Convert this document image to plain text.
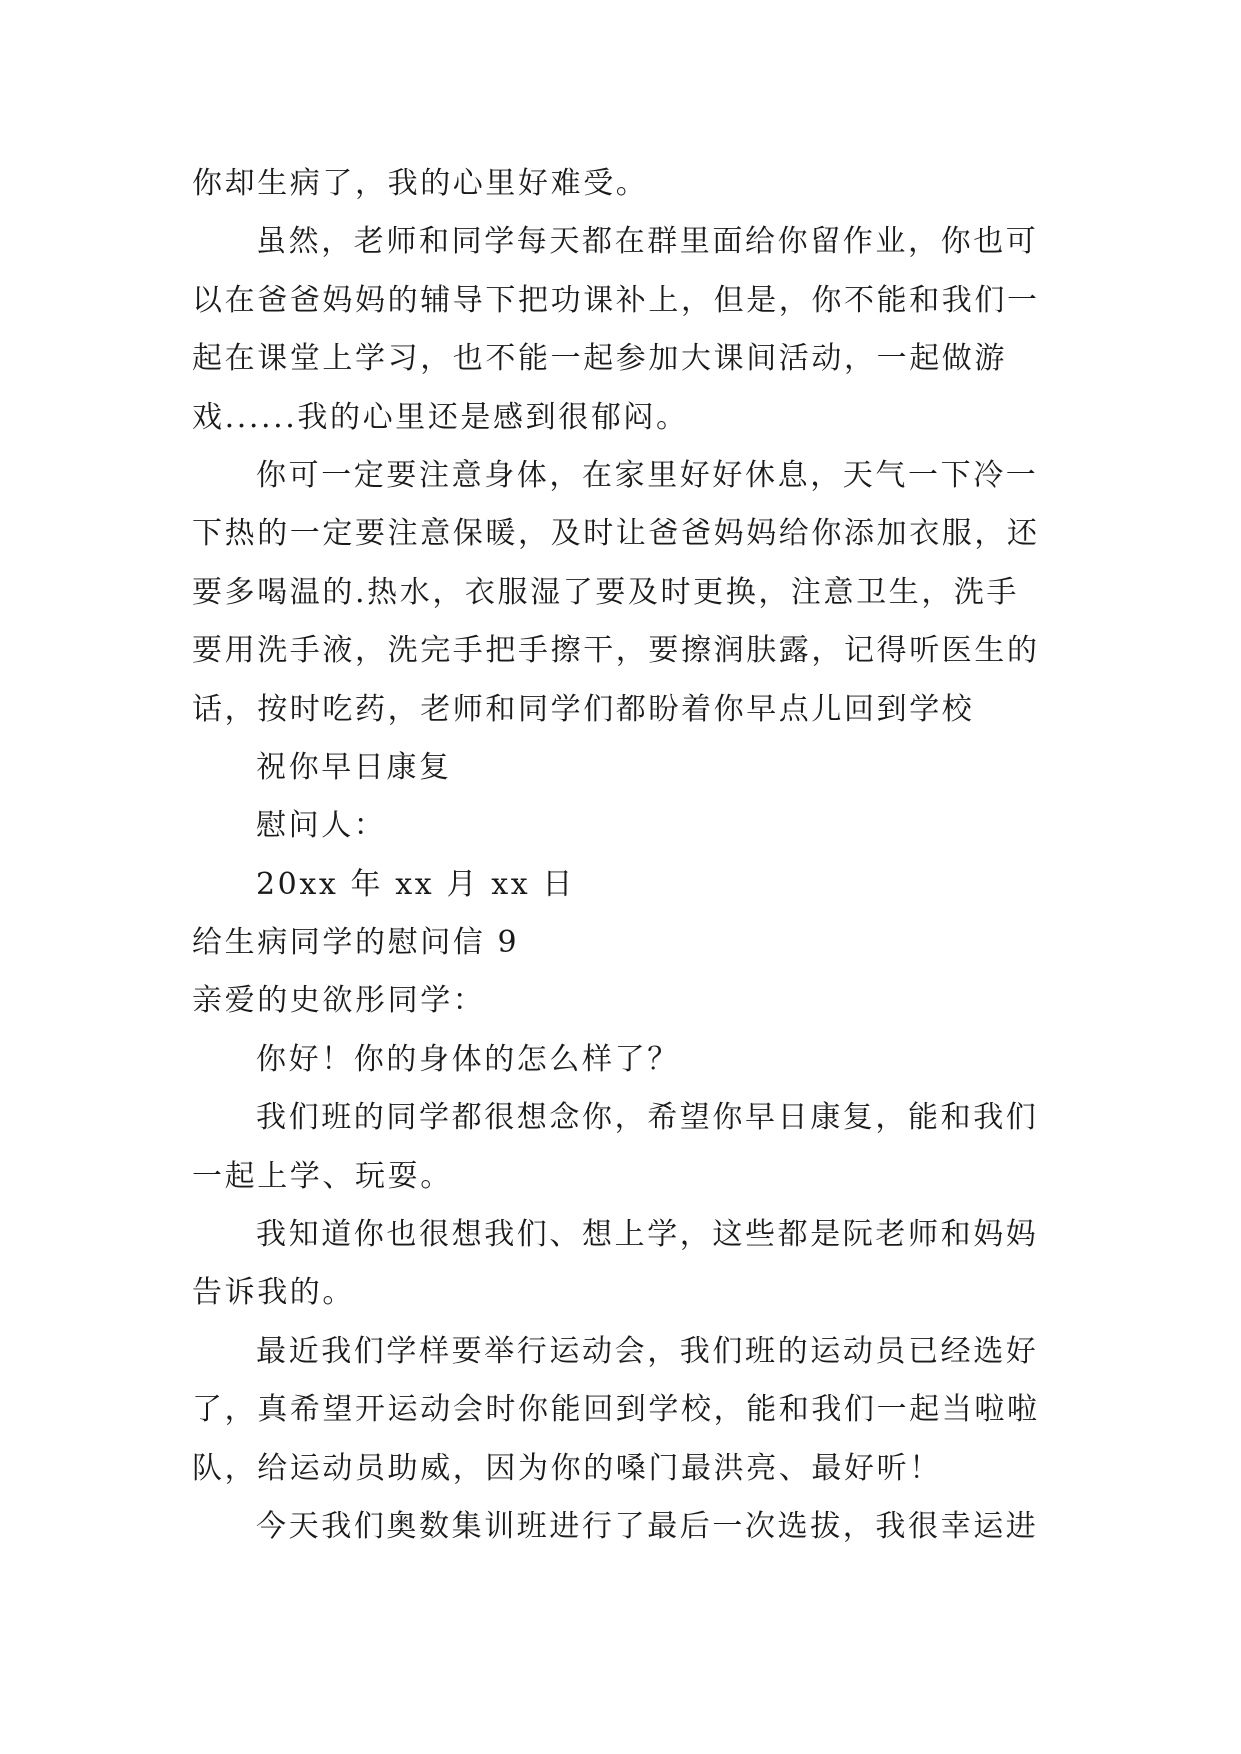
你却生病了，我的心里好难受。
虽然，老师和同学每天都在群里面给你留作业，你也可
以在爸爸妈妈的辅导下把功课补上，但是，你不能和我们一
起在课堂上学习，也不能一起参加大课间活动，一起做游
戏......我的心里还是感到很郁闷。
你可一定要注意身体，在家里好好休息，天气一下冷一
下热的一定要注意保暖，及时让爸爸妈妈给你添加衣服，还
要多喝温的.热水，衣服湿了要及时更换，注意卫生，洗手
要用洗手液，洗完手把手擦干，要擦润肤露，记得听医生的
话，按时吃药，老师和同学们都盼着你早点儿回到学校
祝你早日康复
慰问人：
20xx 年 xx 月 xx 日
给生病同学的慰问信 9
亲爱的史欲彤同学：
你好！你的身体的怎么样了？
我们班的同学都很想念你，希望你早日康复，能和我们
一起上学、玩耍。
我知道你也很想我们、想上学，这些都是阮老师和妈妈
告诉我的。
最近我们学样要举行运动会，我们班的运动员已经选好
了，真希望开运动会时你能回到学校，能和我们一起当啦啦
队，给运动员助威，因为你的嗓门最洪亮、最好听！
今天我们奥数集训班进行了最后一次选拔，我很幸运进
